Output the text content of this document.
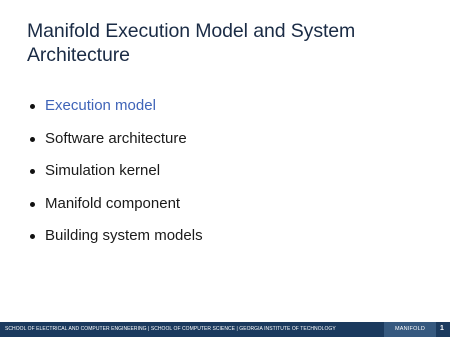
Manifold Execution Model and System Architecture
Execution model
Software architecture
Simulation kernel
Manifold component
Building system models
SCHOOL OF ELECTRICAL AND COMPUTER ENGINEERING | SCHOOL OF COMPUTER SCIENCE | GEORGIA INSTITUTE OF TECHNOLOGY	MANIFOLD	1
